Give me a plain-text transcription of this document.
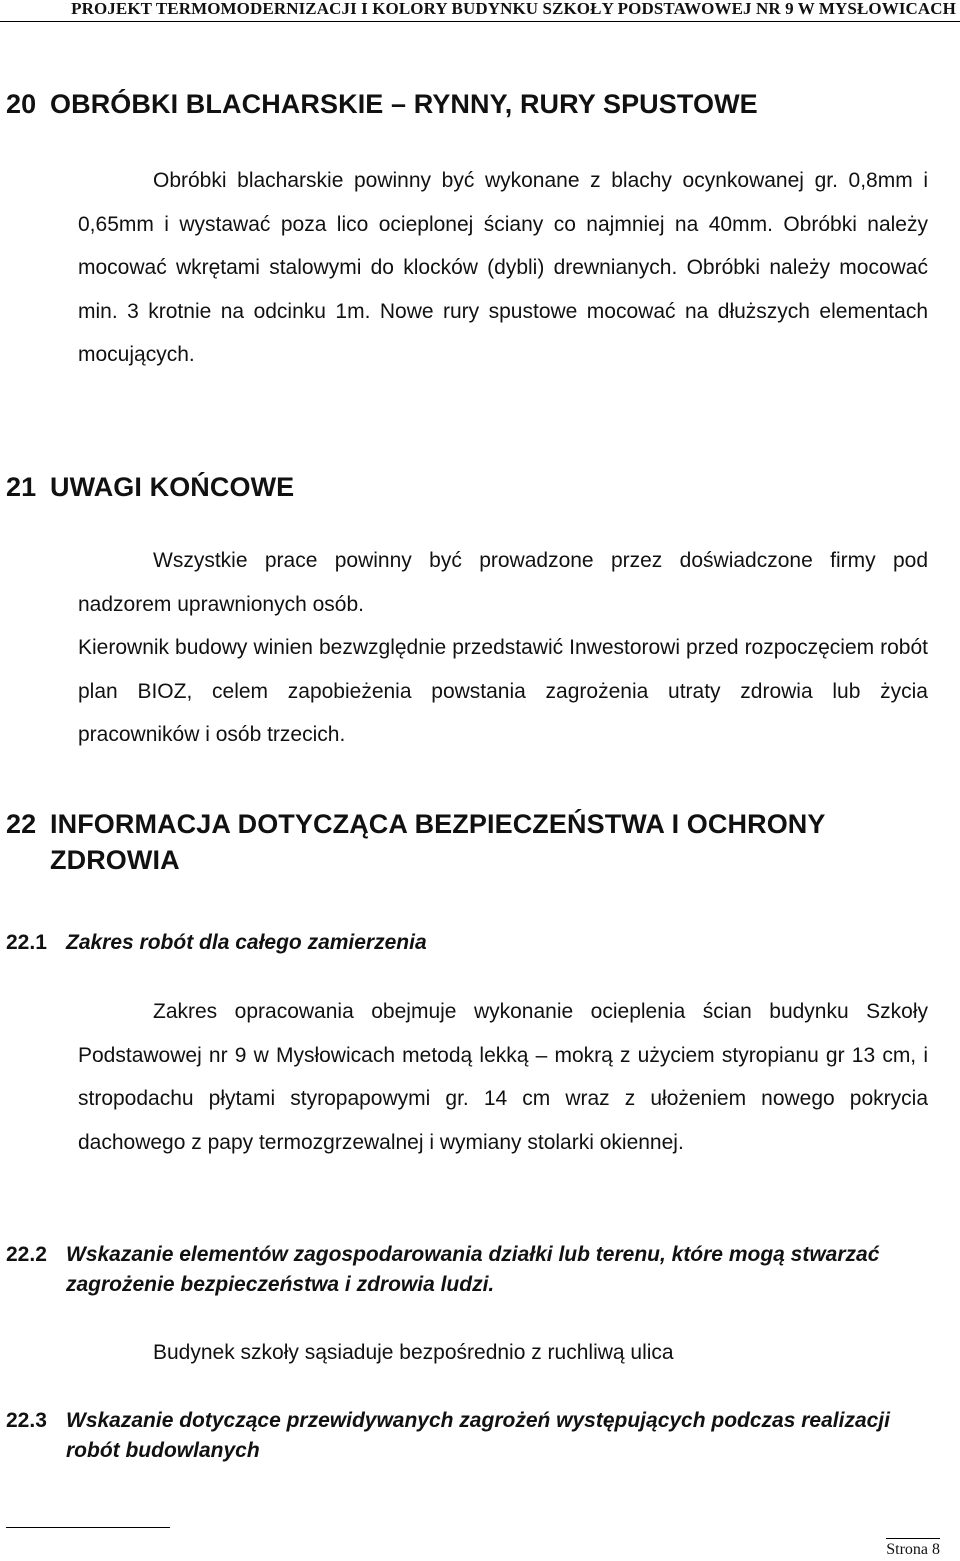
PROJEKT TERMOMODERNIZACJI I KOLORY BUDYNKU SZKOŁY PODSTAWOWEJ NR 9 W MYSŁOWICACH
20 OBRÓBKI BLACHARSKIE – RYNNY, RURY SPUSTOWE

Obróbki blacharskie powinny być wykonane z blachy ocynkowanej gr. 0,8mm i 0,65mm i wystawać poza lico ocieplonej ściany co najmniej na 40mm. Obróbki należy mocować wkrętami stalowymi do klocków (dybli) drewnianych. Obróbki należy mocować min. 3 krotnie na odcinku 1m. Nowe rury spustowe mocować na dłuższych elementach mocujących.

21 UWAGI KOŃCOWE

Wszystkie prace powinny być prowadzone przez doświadczone firmy pod nadzorem uprawnionych osób.

Kierownik budowy winien bezwzględnie przedstawić Inwestorowi przed rozpoczęciem robót plan BIOZ, celem zapobieżenia powstania zagrożenia utraty zdrowia lub życia pracowników i osób trzecich.

22 INFORMACJA DOTYCZĄCA BEZPIECZEŃSTWA I OCHRONY ZDROWIA
22.1 Zakres robót dla całego zamierzenia

Zakres opracowania obejmuje wykonanie ocieplenia ścian budynku Szkoły Podstawowej nr 9 w Mysłowicach metodą lekką – mokrą z użyciem styropianu gr 13 cm, i stropodachu płytami styropapowymi gr. 14 cm wraz z ułożeniem nowego pokrycia dachowego z papy termozgrzewalnej i wymiany stolarki okiennej.

22.2 Wskazanie elementów zagospodarowania działki lub terenu, które mogą stwarzać zagrożenie bezpieczeństwa i zdrowia ludzi.

Budynek szkoły sąsiaduje bezpośrednio z ruchliwą ulica

22.3 Wskazanie dotyczące przewidywanych zagrożeń występujących podczas realizacji robót budowlanych
Strona 8
